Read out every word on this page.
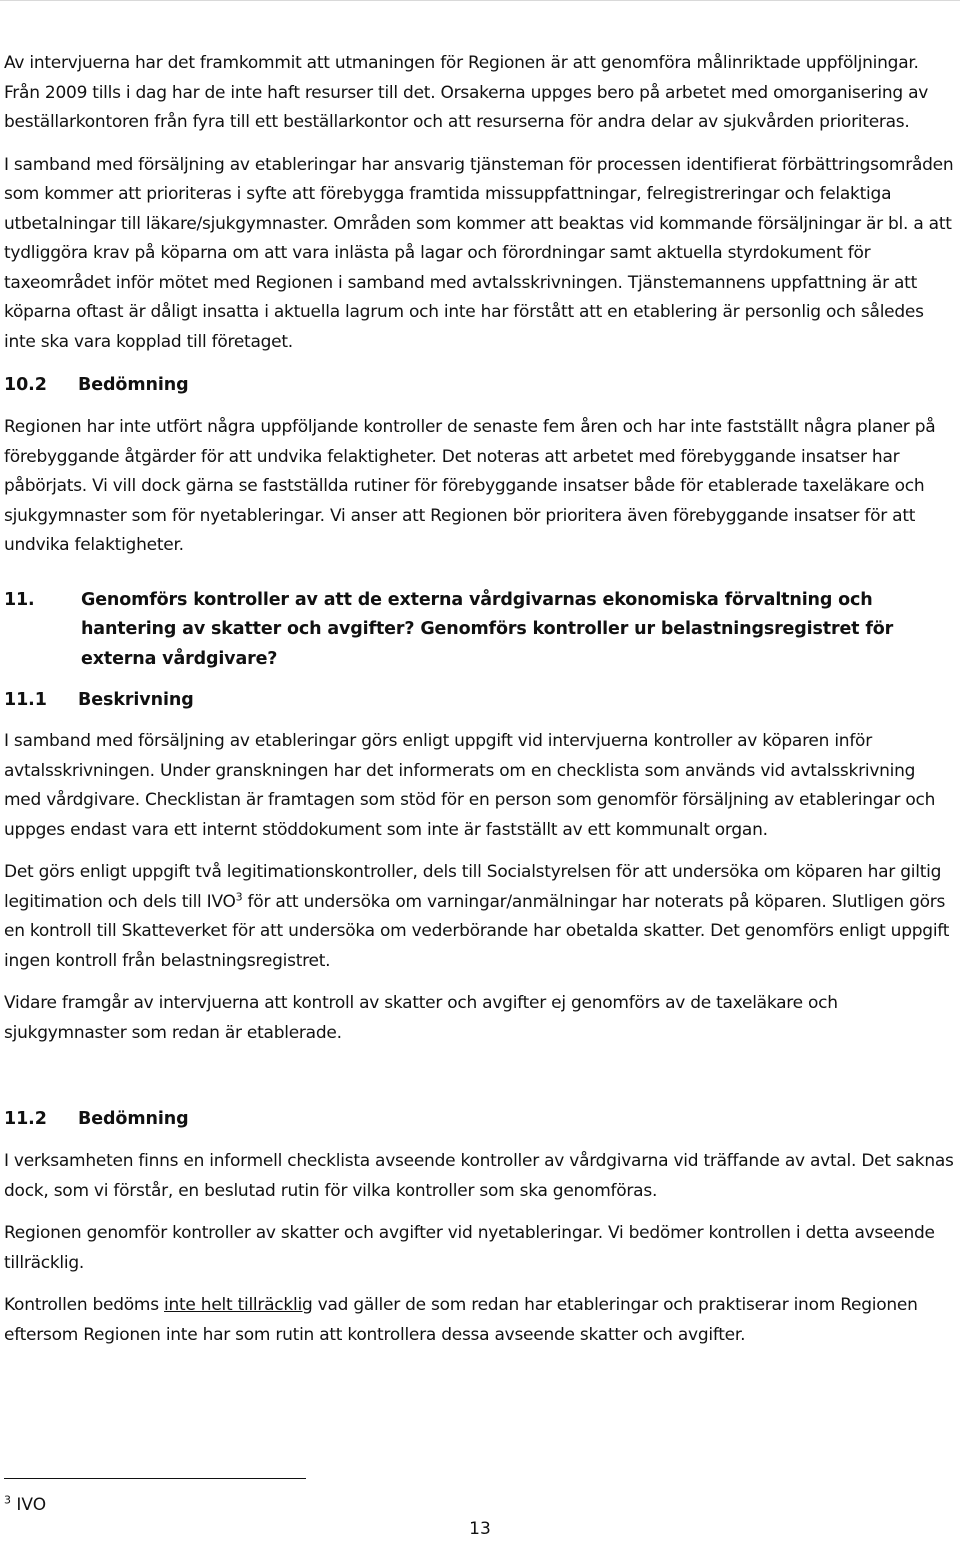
Av intervjuerna har det framkommit att utmaningen för Regionen är att genomföra målinriktade uppföljningar. Från 2009 tills i dag har de inte haft resurser till det. Orsakerna uppges bero på arbetet med omorganisering av beställarkontoren från fyra till ett beställarkontor och att resurserna för andra delar av sjukvården prioriteras.

I samband med försäljning av etableringar har ansvarig tjänsteman för processen identifierat förbättringsområden som kommer att prioriteras i syfte att förebygga framtida missuppfattningar, felregistreringar och felaktiga utbetalningar till läkare/sjukgymnaster. Områden som kommer att beaktas vid kommande försäljningar är bl. a att tydliggöra krav på köparna om att vara inlästa på lagar och förordningar samt aktuella styrdokument för taxeområdet inför mötet med Regionen i samband med avtalsskrivningen. Tjänstemannens uppfattning är att köparna oftast är dåligt insatta i aktuella lagrum och inte har förstått att en etablering är personlig och således inte ska vara kopplad till företaget.

10.2	Bedömning

Regionen har inte utfört några uppföljande kontroller de senaste fem åren och har inte fastställt några planer på förebyggande åtgärder för att undvika felaktigheter. Det noteras att arbetet med förebyggande insatser har påbörjats. Vi vill dock gärna se fastställda rutiner för förebyggande insatser både för etablerade taxeläkare och sjukgymnaster som för nyetableringar. Vi anser att Regionen bör prioritera även förebyggande insatser för att undvika felaktigheter.

11.	Genomförs kontroller av att de externa vårdgivarnas ekonomiska förvaltning och hantering av skatter och avgifter? Genomförs kontroller ur belastningsregistret för externa vårdgivare?
11.1	Beskrivning

I samband med försäljning av etableringar görs enligt uppgift vid intervjuerna kontroller av köparen inför avtalsskrivningen. Under granskningen har det informerats om en checklista som används vid avtalsskrivning med vårdgivare. Checklistan är framtagen som stöd för en person som genomför försäljning av etableringar och uppges endast vara ett internt stöddokument som inte är fastställt av ett kommunalt organ.

Det görs enligt uppgift två legitimationskontroller, dels till Socialstyrelsen för att undersöka om köparen har giltig legitimation och dels till IVO$^3$ för att undersöka om varningar/anmälningar har noterats på köparen. Slutligen görs en kontroll till Skatteverket för att undersöka om vederbörande har obetalda skatter. Det genomförs enligt uppgift ingen kontroll från belastningsregistret.

Vidare framgår av intervjuerna att kontroll av skatter och avgifter ej genomförs av de taxeläkare och sjukgymnaster som redan är etablerade.

11.2	Bedömning

I verksamheten finns en informell checklista avseende kontroller av vårdgivarna vid träffande av avtal. Det saknas dock, som vi förstår, en beslutad rutin för vilka kontroller som ska genomföras.

Regionen genomför kontroller av skatter och avgifter vid nyetableringar. Vi bedömer kontrollen i detta avseende tillräcklig.

Kontrollen bedöms inte helt tillräcklig vad gäller de som redan har etableringar och praktiserar inom Regionen eftersom Regionen inte har som rutin att kontrollera dessa avseende skatter och avgifter.

$^3$ IVO
13
